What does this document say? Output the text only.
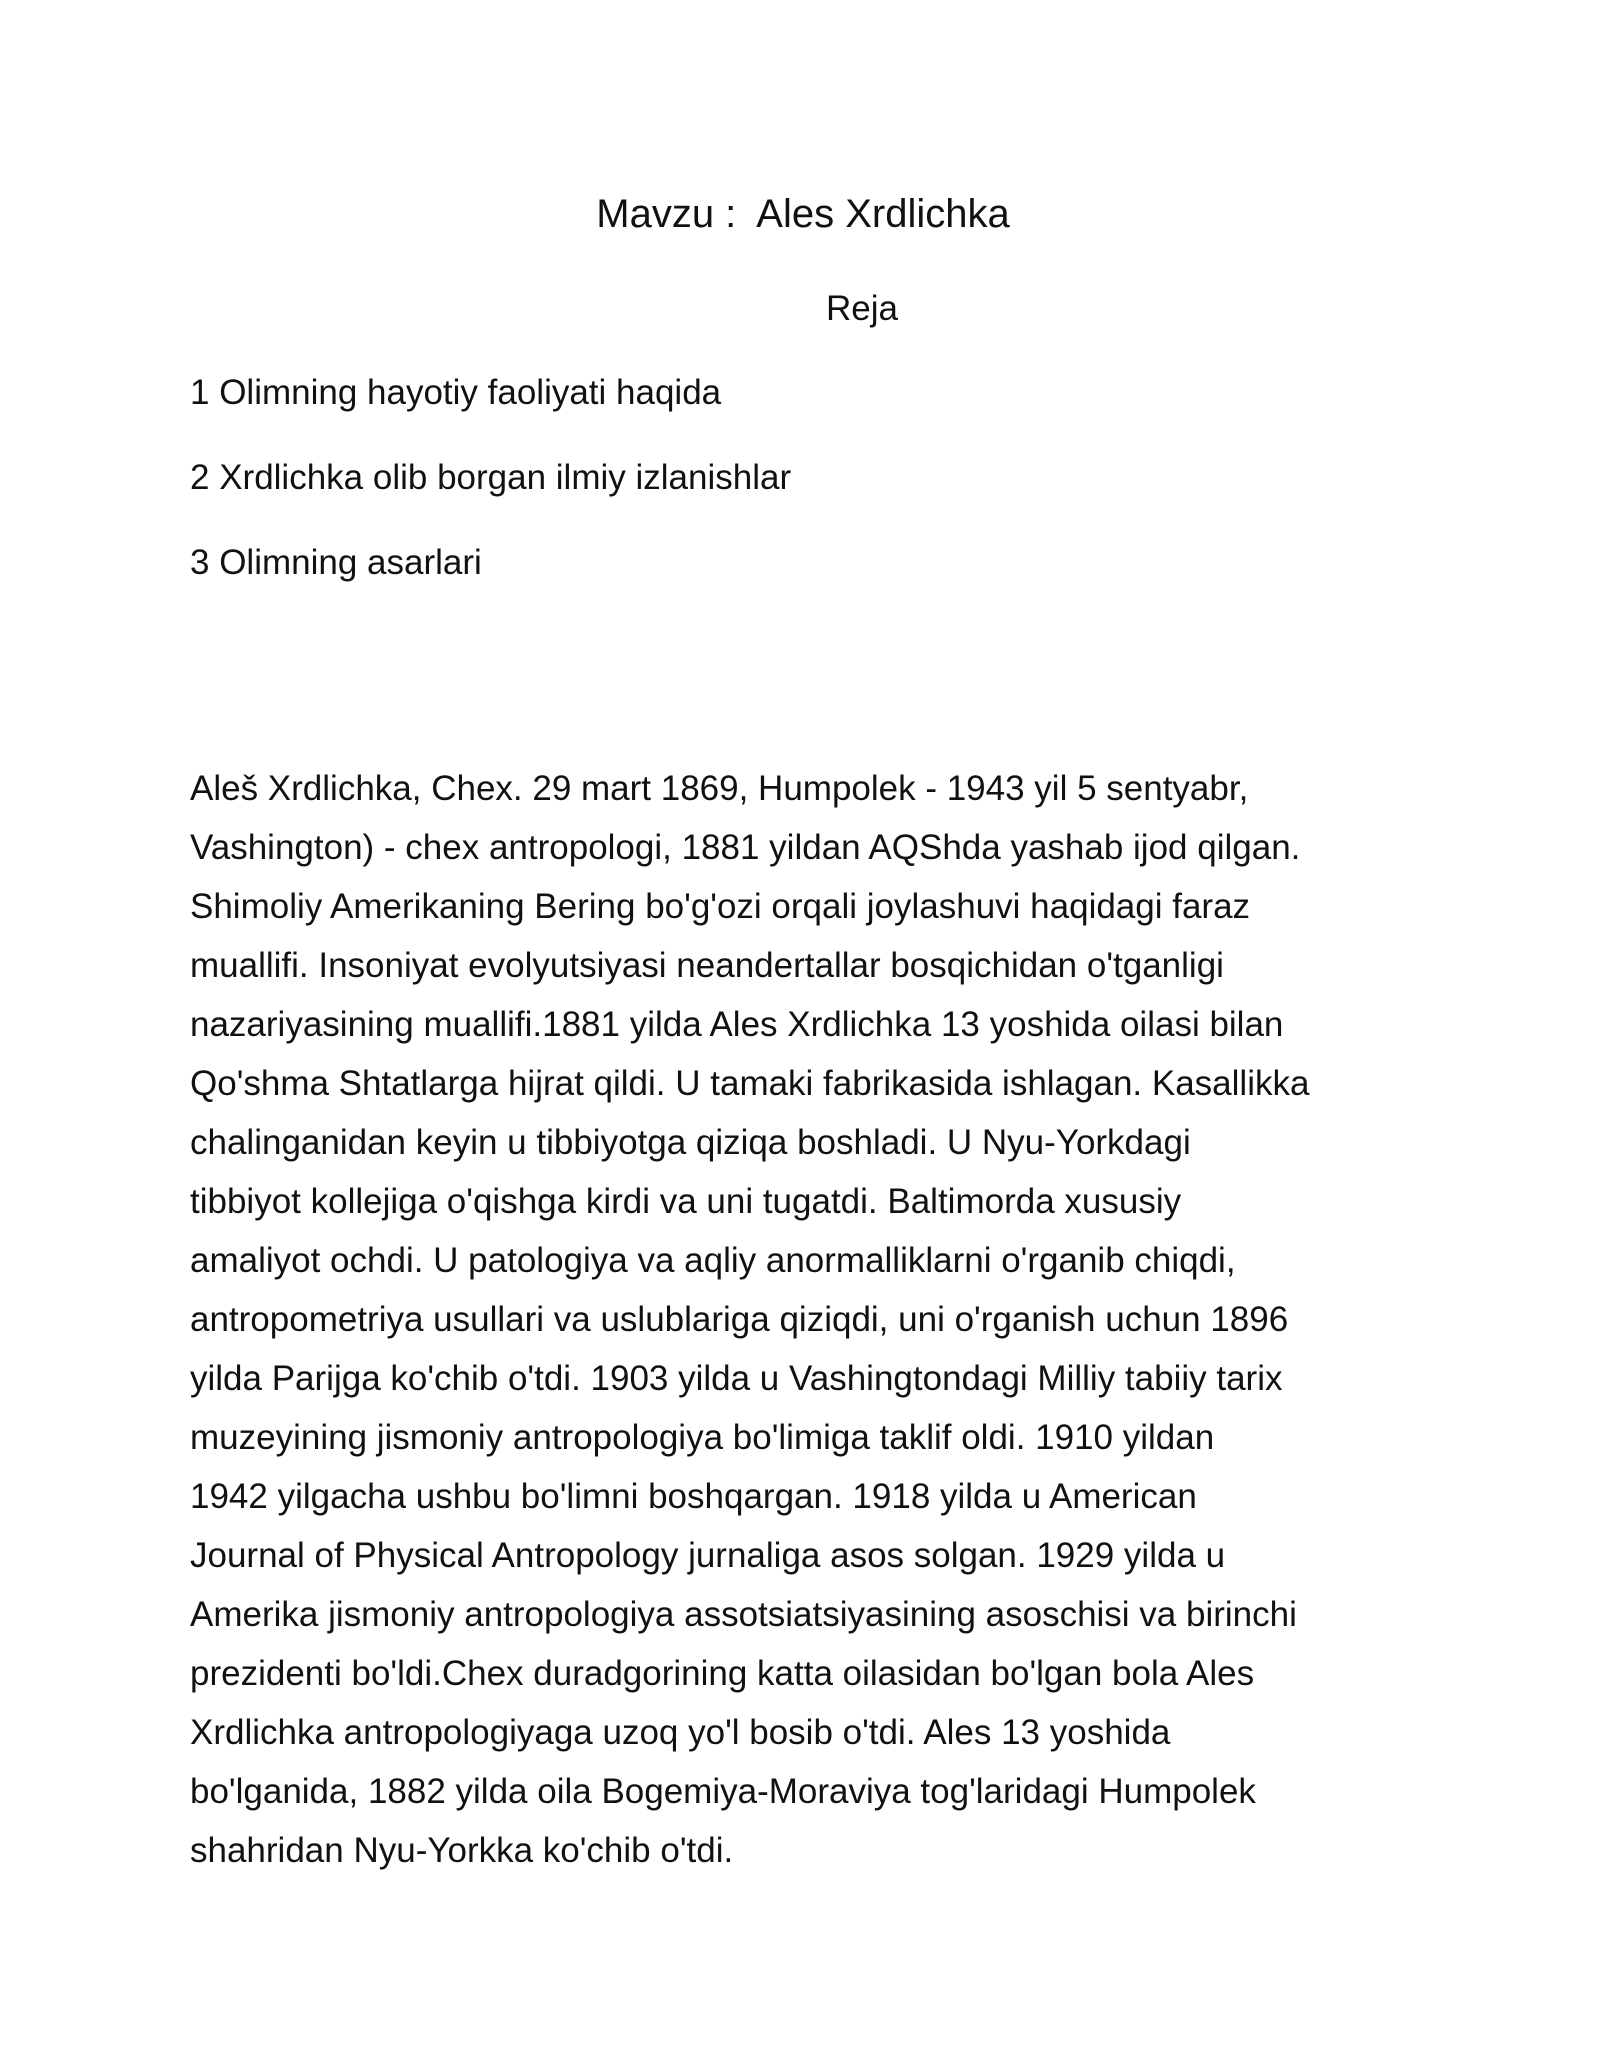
Mavzu :  Ales Xrdlichka
Reja
1 Olimning hayotiy faoliyati haqida
2 Xrdlichka olib borgan ilmiy izlanishlar
3 Olimning asarlari

Aleš Xrdlichka, Chex. 29 mart 1869, Humpolek - 1943 yil 5 sentyabr,
Vashington) - chex antropologi, 1881 yildan AQShda yashab ijod qilgan.
Shimoliy Amerikaning Bering bo'g'ozi orqali joylashuvi haqidagi faraz
muallifi. Insoniyat evolyutsiyasi neandertallar bosqichidan o'tganligi
nazariyasining muallifi.1881 yilda Ales Xrdlichka 13 yoshida oilasi bilan
Qo'shma Shtatlarga hijrat qildi. U tamaki fabrikasida ishlagan. Kasallikka
chalinganidan keyin u tibbiyotga qiziqa boshladi. U Nyu-Yorkdagi
tibbiyot kollejiga o'qishga kirdi va uni tugatdi. Baltimorda xususiy
amaliyot ochdi. U patologiya va aqliy anormalliklarni o'rganib chiqdi,
antropometriya usullari va uslublariga qiziqdi, uni o'rganish uchun 1896
yilda Parijga ko'chib o'tdi. 1903 yilda u Vashingtondagi Milliy tabiiy tarix
muzeyining jismoniy antropologiya bo'limiga taklif oldi. 1910 yildan
1942 yilgacha ushbu bo'limni boshqargan. 1918 yilda u American
Journal of Physical Antropology jurnaliga asos solgan. 1929 yilda u
Amerika jismoniy antropologiya assotsiatsiyasining asoschisi va birinchi
prezidenti bo'ldi.Chex duradgorining katta oilasidan bo'lgan bola Ales
Xrdlichka antropologiyaga uzoq yo'l bosib o'tdi. Ales 13 yoshida
bo'lganida, 1882 yilda oila Bogemiya-Moraviya tog'laridagi Humpolek
shahridan Nyu-Yorkka ko'chib o'tdi.
